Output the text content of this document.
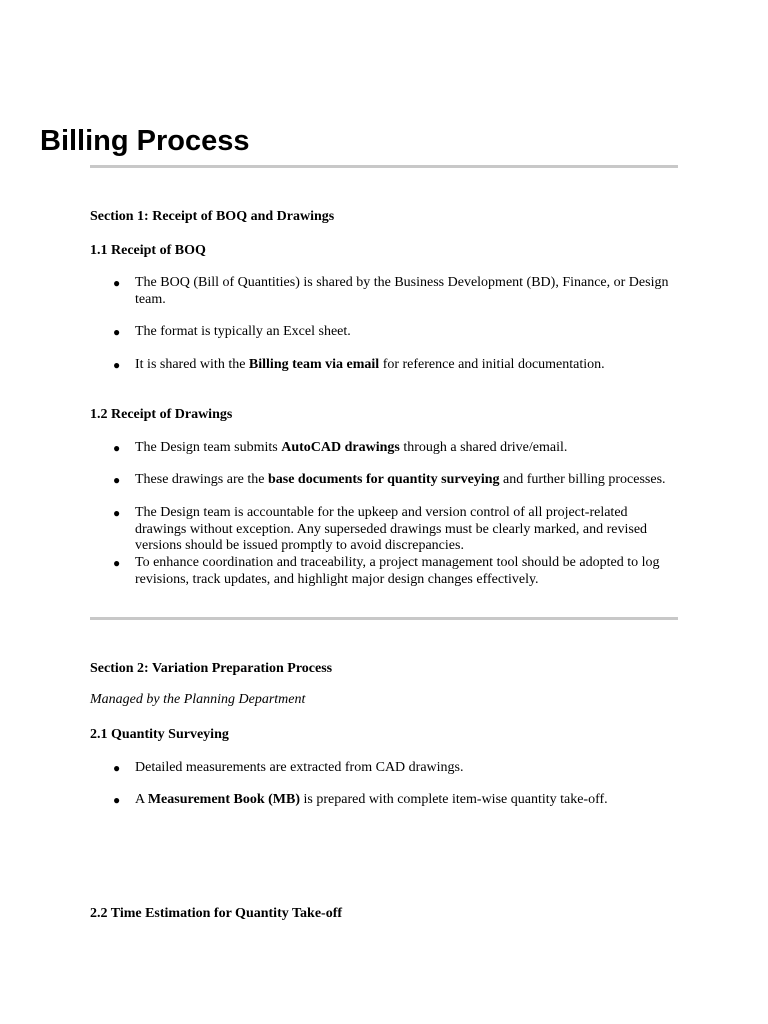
Billing Process

Section 1: Receipt of BOQ and Drawings

1.1 Receipt of BOQ

● The BOQ (Bill of Quantities) is shared by the Business Development (BD), Finance, or Design team.
● The format is typically an Excel sheet.
● It is shared with the Billing team via email for reference and initial documentation.

1.2 Receipt of Drawings

● The Design team submits AutoCAD drawings through a shared drive/email.
● These drawings are the base documents for quantity surveying and further billing processes.
● The Design team is accountable for the upkeep and version control of all project-related drawings without exception. Any superseded drawings must be clearly marked, and revised versions should be issued promptly to avoid discrepancies.
● To enhance coordination and traceability, a project management tool should be adopted to log revisions, track updates, and highlight major design changes effectively.

Section 2: Variation Preparation Process

Managed by the Planning Department

2.1 Quantity Surveying

● Detailed measurements are extracted from CAD drawings.
● A Measurement Book (MB) is prepared with complete item-wise quantity take-off.

2.2 Time Estimation for Quantity Take-off
